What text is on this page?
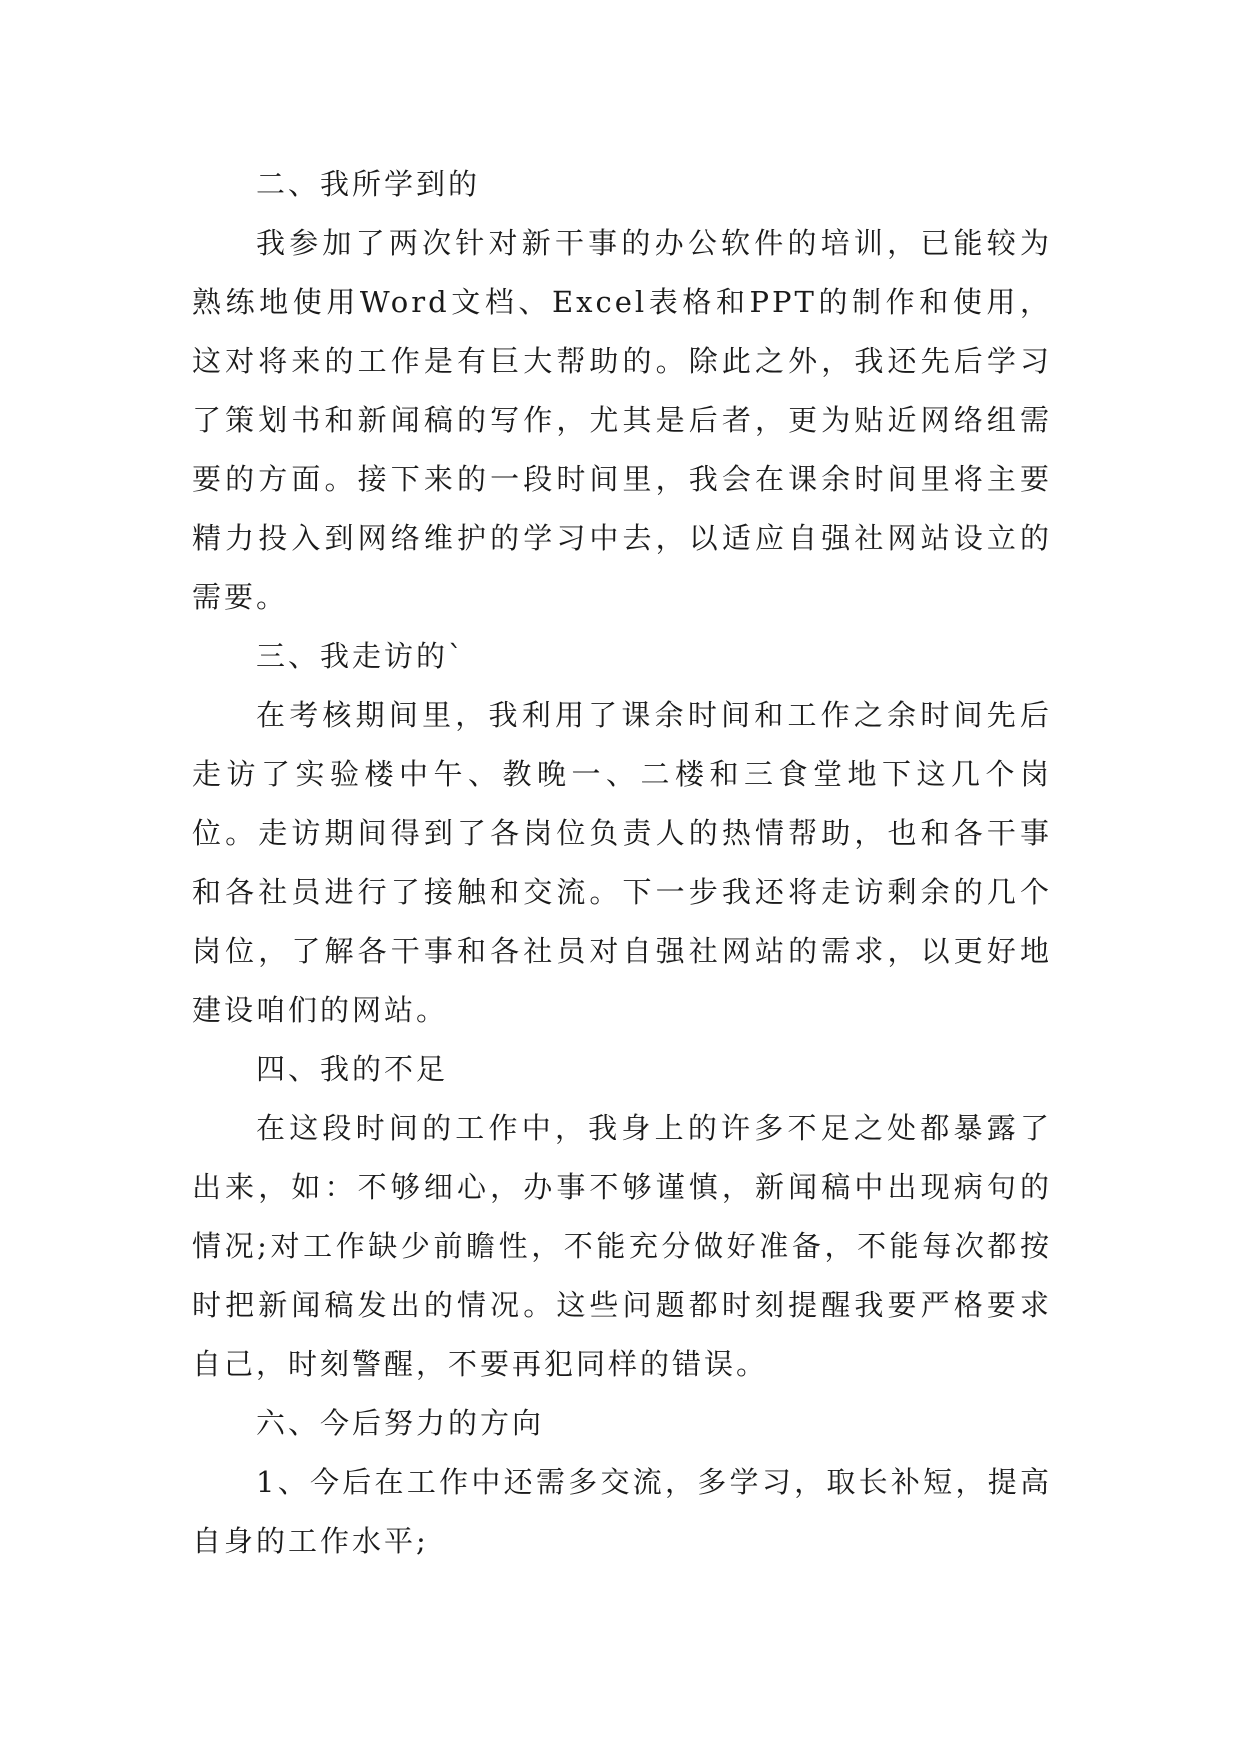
二、我所学到的

我参加了两次针对新干事的办公软件的培训，已能较为熟练地使用Word文档、Excel表格和PPT的制作和使用，这对将来的工作是有巨大帮助的。除此之外，我还先后学习了策划书和新闻稿的写作，尤其是后者，更为贴近网络组需要的方面。接下来的一段时间里，我会在课余时间里将主要精力投入到网络维护的学习中去，以适应自强社网站设立的需要。

三、我走访的`

在考核期间里，我利用了课余时间和工作之余时间先后走访了实验楼中午、教晚一、二楼和三食堂地下这几个岗位。走访期间得到了各岗位负责人的热情帮助，也和各干事和各社员进行了接触和交流。下一步我还将走访剩余的几个岗位，了解各干事和各社员对自强社网站的需求，以更好地建设咱们的网站。

四、我的不足

在这段时间的工作中，我身上的许多不足之处都暴露了出来，如：不够细心，办事不够谨慎，新闻稿中出现病句的情况;对工作缺少前瞻性，不能充分做好准备，不能每次都按时把新闻稿发出的情况。这些问题都时刻提醒我要严格要求自己，时刻警醒，不要再犯同样的错误。

六、今后努力的方向

1、今后在工作中还需多交流，多学习，取长补短，提高自身的工作水平;
